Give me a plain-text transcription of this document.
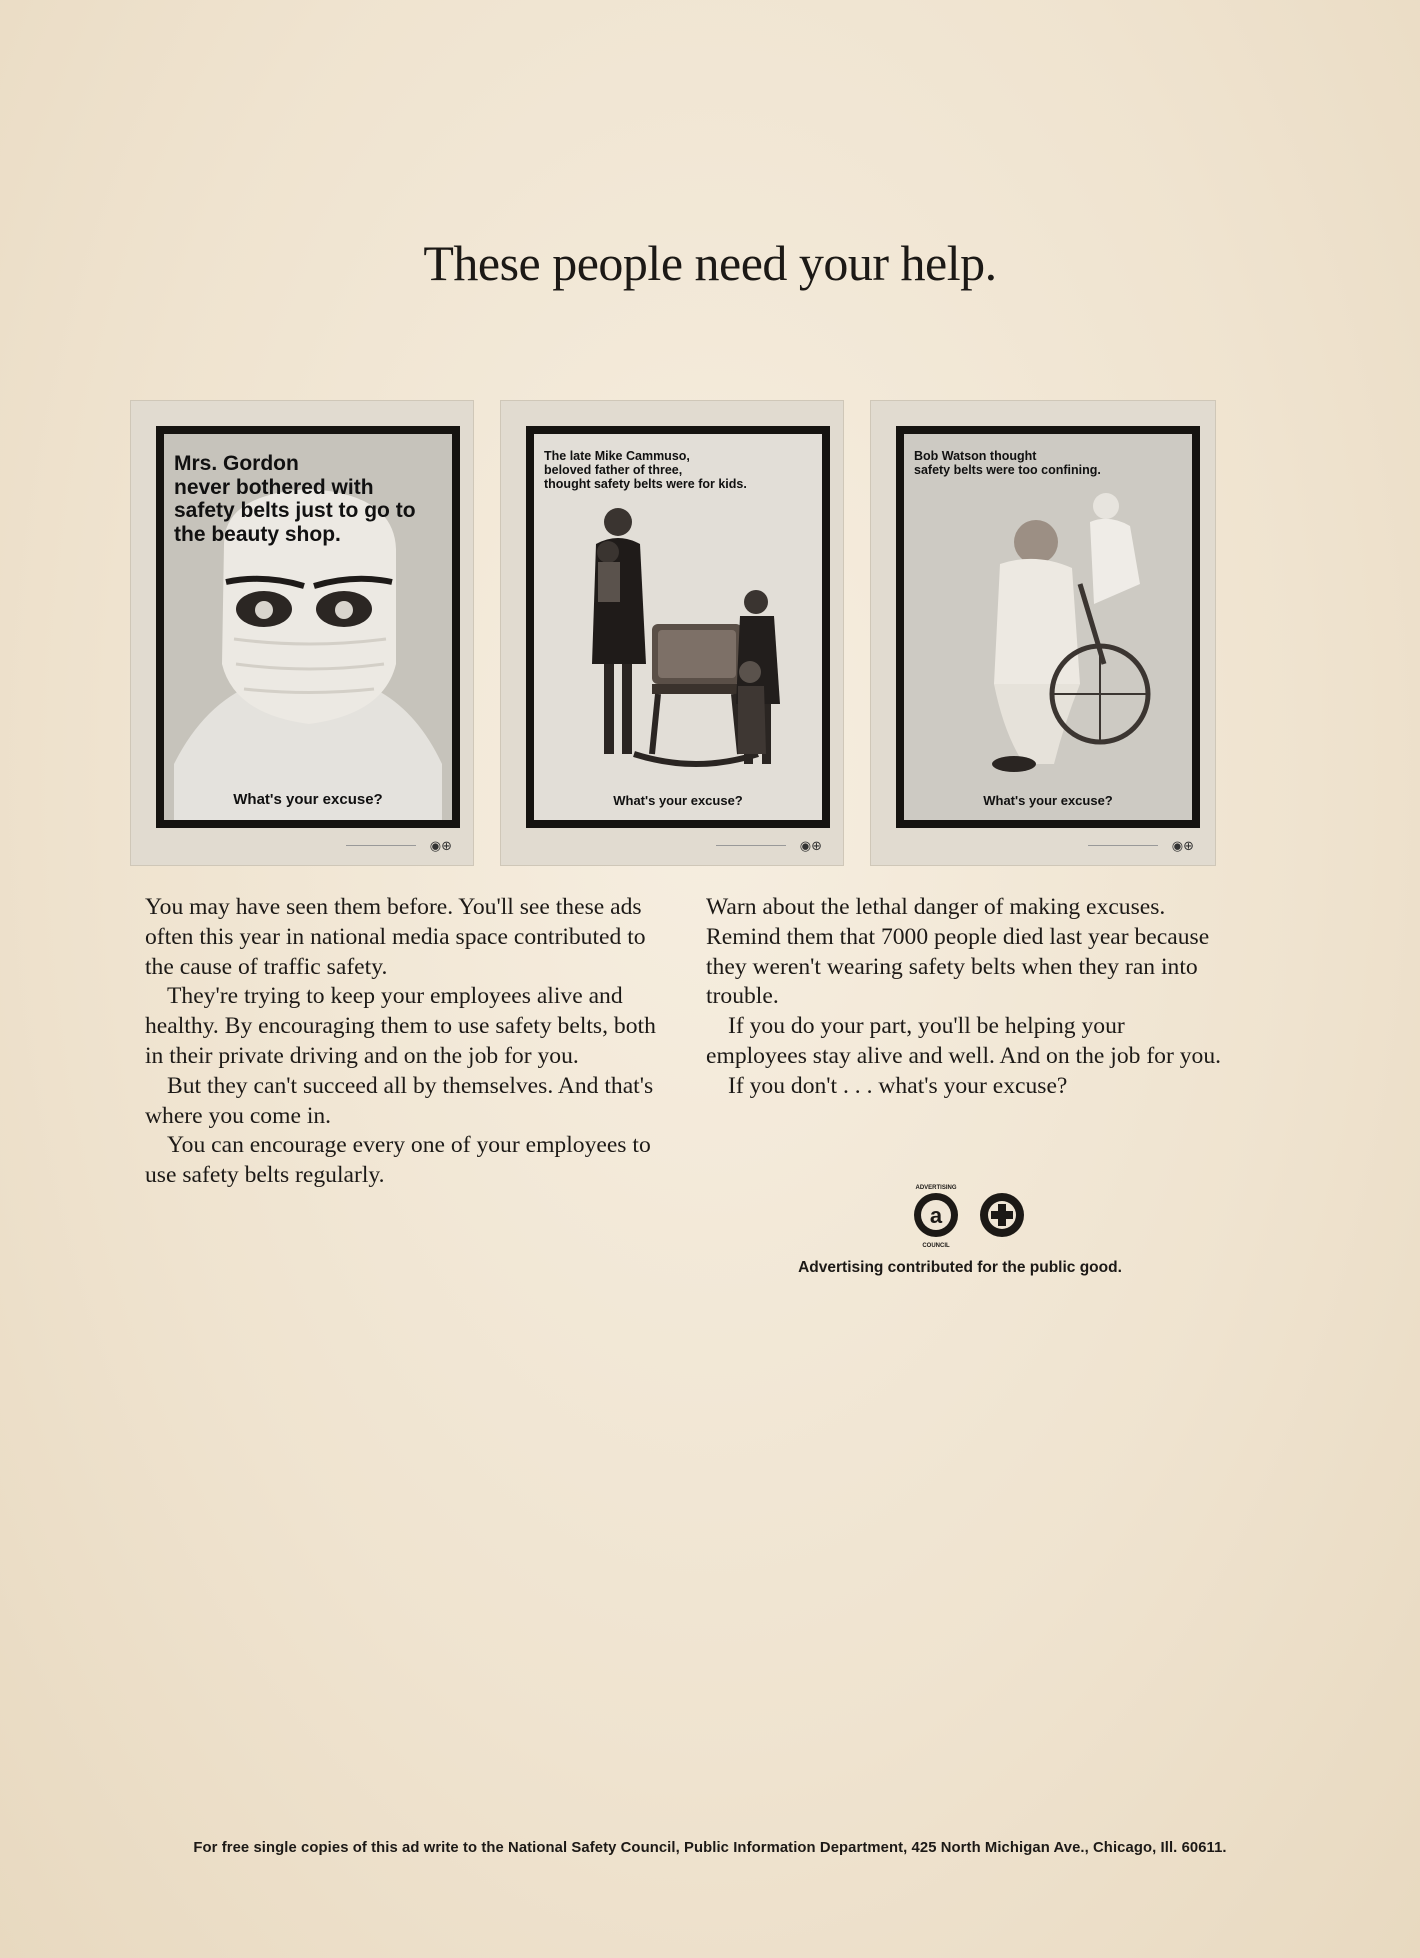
These people need your help.
Mrs. Gordon
never bothered with
safety belts just to go to
the beauty shop.
What's your excuse?
◉⊕
The late Mike Cammuso,
beloved father of three,
thought safety belts were for kids.
What's your excuse?
◉⊕
Bob Watson thought
safety belts were too confining.
What's your excuse?
◉⊕

You may have seen them before. You'll see these ads often this year in national media space contributed to the cause of traffic safety.

They're trying to keep your employees alive and healthy. By encouraging them to use safety belts, both in their private driving and on the job for you.

But they can't succeed all by themselves. And that's where you come in.

You can encourage every one of your employees to use safety belts regularly.

Warn about the lethal danger of making excuses. Remind them that 7000 people died last year because they weren't wearing safety belts when they ran into trouble.

If you do your part, you'll be helping your employees stay alive and well. And on the job for you.

If you don't . . . what's your excuse?

a
ADVERTISING
COUNCIL
Advertising contributed for the public good.
For free single copies of this ad write to the National Safety Council, Public Information Department, 425 North Michigan Ave., Chicago, Ill. 60611.
